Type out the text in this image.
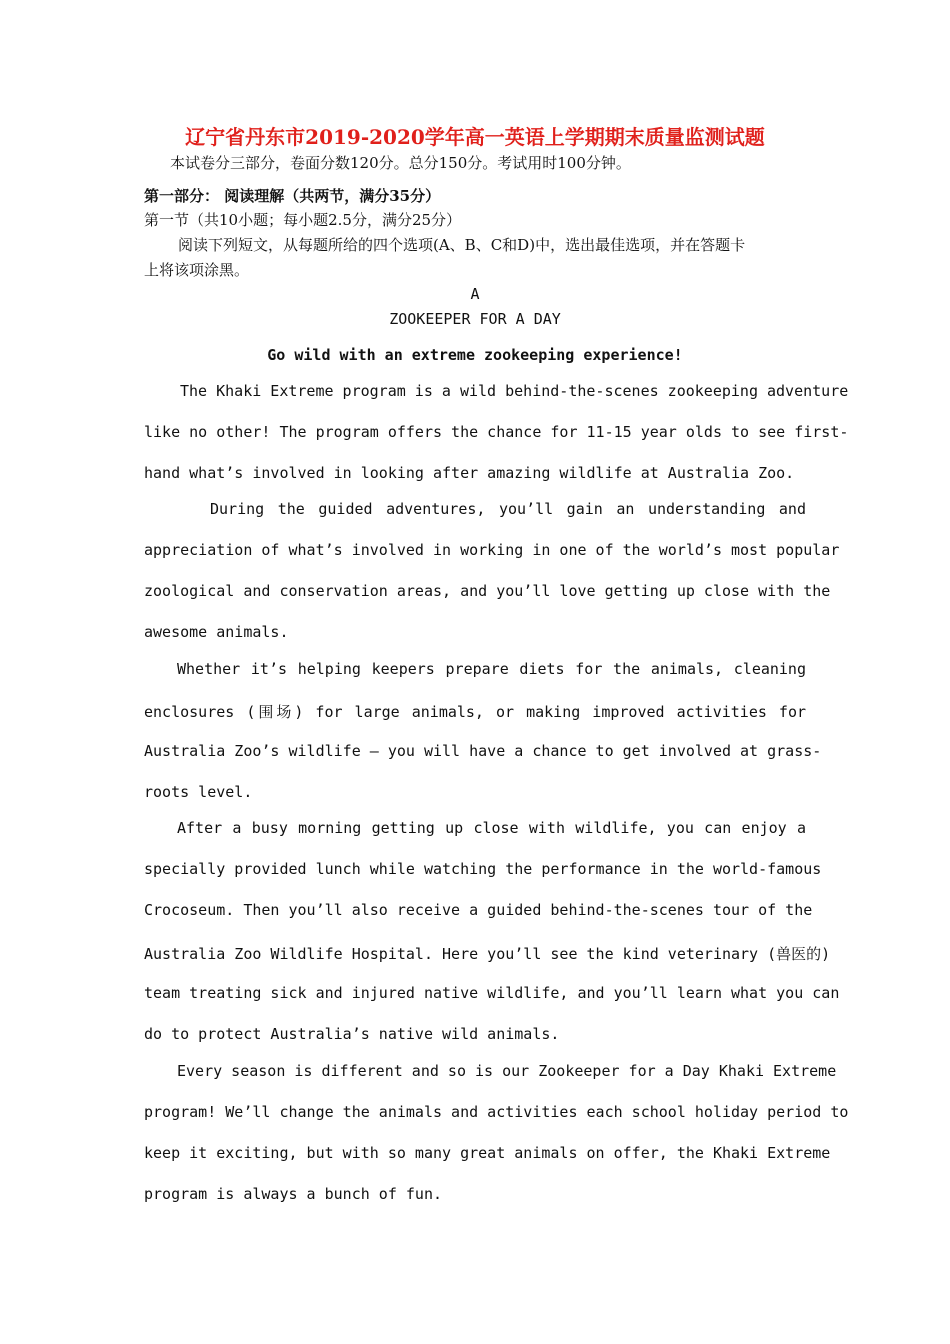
辽宁省丹东市2019-2020学年高一英语上学期期末质量监测试题
本试卷分三部分，卷面分数120分。总分150分。考试用时100分钟。
第一部分： 阅读理解（共两节，满分35分）
第一节（共10小题；每小题2.5分，满分25分）
阅读下列短文，从每题所给的四个选项(A、B、C和D)中，选出最佳选项，并在答题卡
上将该项涂黑。
A
ZOOKEEPER FOR A DAY
Go wild with an extreme zookeeping experience!
The Khaki Extreme program is a wild behind-the-scenes zookeeping adventure
like no other! The program offers the chance for 11-15 year olds to see first-
hand what’s involved in looking after amazing wildlife at Australia Zoo.
During the guided adventures, you’ll gain an understanding and
appreciation of what’s involved in working in one of the world’s most popular
zoological and conservation areas, and you’ll love getting up close with the
awesome animals.
Whether it’s helping keepers prepare diets for the animals, cleaning
enclosures (围场) for large animals, or making improved activities for
Australia Zoo’s wildlife — you will have a chance to get involved at grass-
roots level.
After a busy morning getting up close with wildlife, you can enjoy a
specially provided lunch while watching the performance in the world-famous
Crocoseum. Then you’ll also receive a guided behind-the-scenes tour of the
Australia Zoo Wildlife Hospital. Here you’ll see the kind veterinary (兽医的)
team treating sick and injured native wildlife, and you’ll learn what you can
do to protect Australia’s native wild animals.
Every season is different and so is our Zookeeper for a Day Khaki Extreme
program! We’ll change the animals and activities each school holiday period to
keep it exciting, but with so many great animals on offer, the Khaki Extreme
program is always a bunch of fun.
